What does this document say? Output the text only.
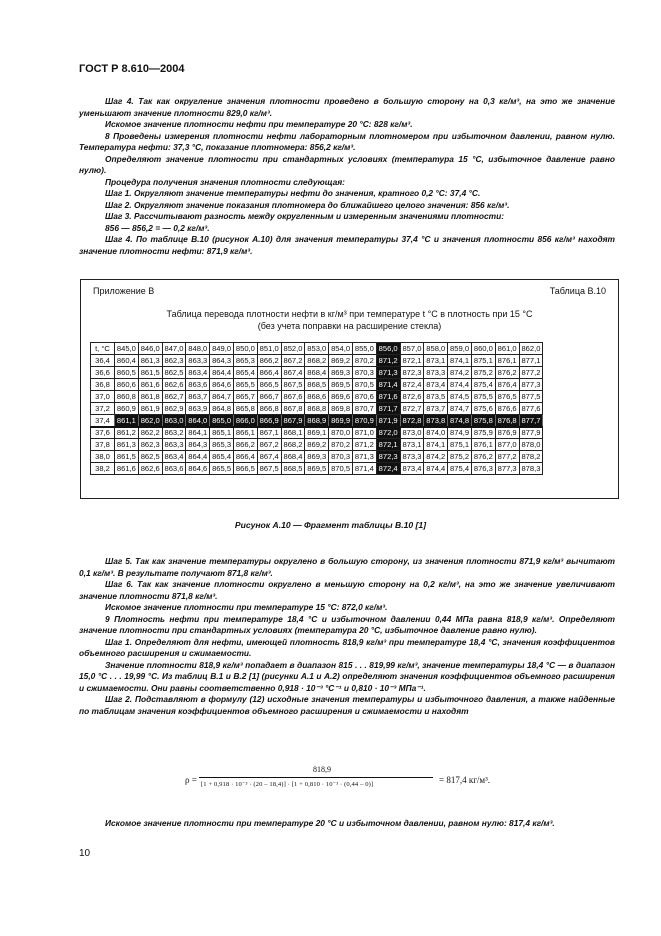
ГОСТ Р 8.610—2004

Шаг 4. Так как округление значения плотности проведено в большую сторону на 0,3 кг/м³, на это же значение уменьшают значение плотности 829,0 кг/м³.

Искомое значение плотности нефти при температуре 20 °С: 828 кг/м³.

8 Проведены измерения плотности нефти лабораторным плотномером при избыточном давлении, равном нулю. Температура нефти: 37,3 °С, показание плотномера: 856,2 кг/м³.

Определяют значение плотности при стандартных условиях (температура 15 °С, избыточное давление равно нулю).

Процедура получения значения плотности следующая:

Шаг 1. Округляют значение температуры нефти до значения, кратного 0,2 °С: 37,4 °С.

Шаг 2. Округляют значение показания плотномера до ближайшего целого значения: 856 кг/м³.

Шаг 3. Рассчитывают разность между округленным и измеренным значениями плотности:

856 — 856,2 = — 0,2 кг/м³.

Шаг 4. По таблице В.10 (рисунок А.10) для значения температуры 37,4 °С и значения плотности 856 кг/м³ находят значение плотности нефти: 871,9 кг/м³.

Приложение В	Таблица В.10
Таблица перевода плотности нефти в кг/м³ при температуре t °С в плотность при 15 °С
(без учета поправки на расширение стекла)
t, °С	845,0	846,0	847,0	848,0	849,0	850,0	851,0	852,0	853,0	854,0	855,0	856,0	857,0	858,0	859,0	860,0	861,0	862,0
36,4	860,4	861,3	862,3	863,3	864,3	865,3	866,2	867,2	868,2	869,2	870,2	871,2	872,1	873,1	874,1	875,1	876,1	877,1
36,6	860,5	861,5	862,5	863,4	864,4	865,4	866,4	867,4	868,4	869,3	870,3	871,3	872,3	873,3	874,2	875,2	876,2	877,2
36,8	860,6	861,6	862,6	863,6	864,6	865,5	866,5	867,5	868,5	869,5	870,5	871,4	872,4	873,4	874,4	875,4	876,4	877,3
37,0	860,8	861,8	862,7	863,7	864,7	865,7	866,7	867,6	868,6	869,6	870,6	871,6	872,6	873,5	874,5	875,5	876,5	877,5
37,2	860,9	861,9	862,9	863,9	864,8	865,8	866,8	867,8	868,8	869,8	870,7	871,7	872,7	873,7	874,7	875,6	876,6	877,6
37,4	861,1	862,0	863,0	864,0	865,0	866,0	866,9	867,9	868,9	869,9	870,9	871,9	872,8	873,8	874,8	875,8	876,8	877,7
37,6	861,2	862,2	863,2	864,1	865,1	866,1	867,1	868,1	869,1	870,0	871,0	872,0	873,0	874,0	874,9	875,9	876,9	877,9
37,8	861,3	862,3	863,3	864,3	865,3	866,2	867,2	868,2	869,2	870,2	871,2	872,1	873,1	874,1	875,1	876,1	877,0	878,0
38,0	861,5	862,5	863,4	864,4	865,4	866,4	867,4	868,4	869,3	870,3	871,3	872,3	873,3	874,2	875,2	876,2	877,2	878,2
38,2	861,6	862,6	863,6	864,6	865,5	866,5	867,5	868,5	869,5	870,5	871,4	872,4	873,4	874,4	875,4	876,3	877,3	878,3
Рисунок А.10 — Фрагмент таблицы В.10 [1]

Шаг 5. Так как значение температуры округлено в большую сторону, из значения плотности 871,9 кг/м³ вычитают 0,1 кг/м³. В результате получают 871,8 кг/м³.

Шаг 6. Так как значение плотности округлено в меньшую сторону на 0,2 кг/м³, на это же значение увеличивают значение плотности 871,8 кг/м³.

Искомое значение плотности при температуре 15 °С: 872,0 кг/м³.

9 Плотность нефти при температуре 18,4 °С и избыточном давлении 0,44 МПа равна 818,9 кг/м³. Определяют значение плотности при стандартных условиях (температура 20 °С, избыточное давление равно нулю).

Шаг 1. Определяют для нефти, имеющей плотность 818,9 кг/м³ при температуре 18,4 °С, значения коэффициентов объемного расширения и сжимаемости.

Значение плотности 818,9 кг/м³ попадает в диапазон 815 . . . 819,99 кг/м³, значение температуры 18,4 °С — в диапазон 15,0 °С . . . 19,99 °С. Из таблиц В.1 и В.2 [1] (рисунки А.1 и А.2) определяют значения коэффициентов объемного расширения и сжимаемости. Они равны соответственно 0,918 · 10⁻³ °С⁻¹ и 0,810 · 10⁻³ МПа⁻¹.

Шаг 2. Подставляют в формулу (12) исходные значения температуры и избыточного давления, а также найденные по таблицам значения коэффициентов объемного расширения и сжимаемости и находят

ρ =
818,9
[1 + 0,918 · 10⁻³ · (20 – 18,4)] · [1 + 0,810 · 10⁻³ · (0,44 – 0)]	= 817,4 кг/м³.

Искомое значение плотности при температуре 20 °С и избыточном давлении, равном нулю: 817,4 кг/м³.

10
